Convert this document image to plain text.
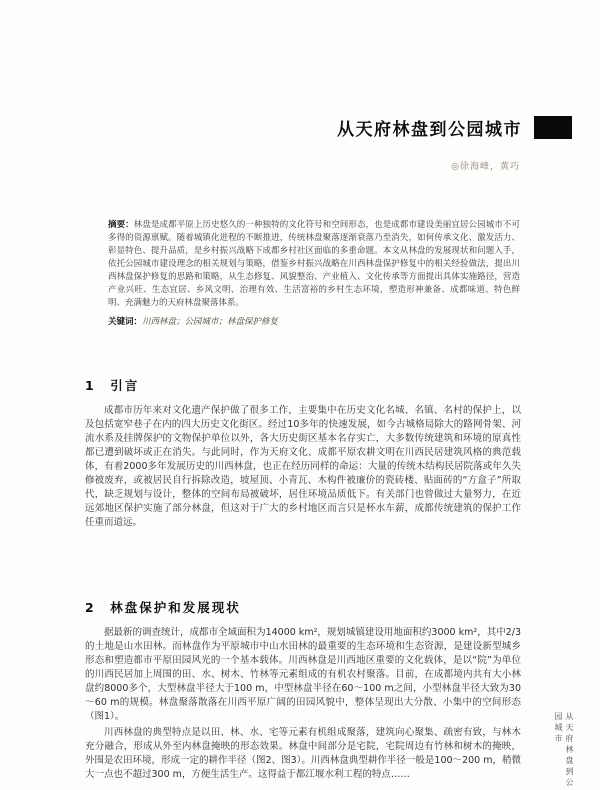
从天府林盘到公园城市
◎徐海峰，黄巧

摘要：林盘是成都平原上历史悠久的一种独特的文化符号和空间形态，也是成都市建设美丽宜居公园城市不可多得的资源禀赋。随着城镇化进程的不断推进，传统林盘聚落逐渐衰落乃至消失，如何传承文化、激发活力、彰显特色、提升品质，是乡村振兴战略下成都乡村社区面临的多重命题。本文从林盘的发展现状和问题入手，依托公园城市建设理念的相关规划与策略，借鉴乡村振兴战略在川西林盘保护修复中的相关经验做法，提出川西林盘保护修复的思路和策略，从生态修复、风貌整治、产业植入、文化传承等方面提出具体实施路径，营造产业兴旺、生态宜居、乡风文明、治理有效、生活富裕的乡村生态环境，塑造形神兼备、成都味道、特色鲜明、充满魅力的天府林盘聚落体系。

关键词：川西林盘；公园城市；林盘保护修复

1　引言

成都市历年来对文化遗产保护做了很多工作，主要集中在历史文化名城、名镇、名村的保护上，以及包括宽窄巷子在内的四大历史文化街区。经过10多年的快速发展，如今古城格局除大的路网骨架、河流水系及挂牌保护的文物保护单位以外，各大历史街区基本名存实亡，大多数传统建筑和环境的原真性都已遭到破坏或正在消失。与此同时，作为天府文化、成都平原农耕文明在川西民居建筑风格的典范载体，有着2000多年发展历史的川西林盘，也正在经历同样的命运：大量的传统木结构民居院落或年久失修被废弃，或被居民自行拆除改造，坡屋顶、小青瓦、木构件被廉价的瓷砖楼、贴面砖的“方盒子”所取代，缺乏规划与设计，整体的空间布局被破坏，居住环境品质低下。有关部门也曾做过大量努力，在近远郊地区保护实施了部分林盘，但这对于广大的乡村地区而言只是杯水车薪，成都传统建筑的保护工作任重而道远。

2　林盘保护和发展现状

据最新的调查统计，成都市全域面积为14000 km²，规划城镇建设用地面积约3000 km²，其中2/3的土地是山水田林。而林盘作为平原城市中山水田林的最重要的生态环境和生态资源，是建设新型城乡形态和塑造都市平原田园风光的一个基本载体。川西林盘是川西地区重要的文化载体，是以“院”为单位的川西民居加上周围的田、水、树木、竹林等元素组成的有机农村聚落。目前，在成都境内共有大小林盘约8000多个，大型林盘半径大于100 m，中型林盘半径在60～100 m之间，小型林盘半径大致为30～60 m的规模。林盘聚落散落在川西平原广阔的田园风貌中，整体呈现出大分散、小集中的空间形态（图1）。

川西林盘的典型特点是以田、林、水、宅等元素有机组成聚落，建筑向心聚集、疏密有致，与林木充分融合，形成从外至内林盘掩映的形态效果。林盘中间部分是宅院，宅院周边有竹林和树木的掩映，外围是农田环境，形成一定的耕作半径（图2、图3）。川西林盘典型耕作半径一般是100～200 m，稍微大一点也不超过300 m，方便生活生产。这得益于都江堰水利工程的特点……	从天府林盘到公园城市
